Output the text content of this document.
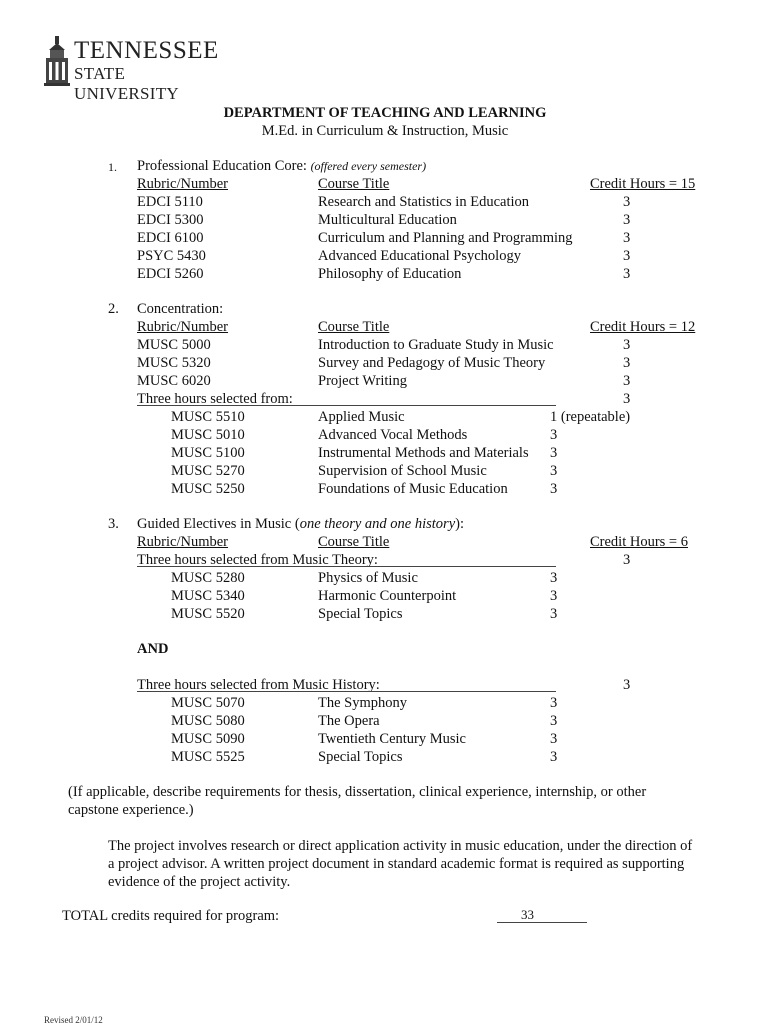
TENNESSEE
STATE UNIVERSITY
DEPARTMENT OF TEACHING AND LEARNING
M.Ed. in Curriculum & Instruction, Music
1. Professional Education Core: (offered every semester)
Rubric/Number	Course Title	Credit Hours = 15
EDCI 5110	Research and Statistics in Education	3
EDCI 5300	Multicultural Education	3
EDCI 6100	Curriculum and Planning and Programming	3
PSYC 5430	Advanced Educational Psychology	3
EDCI 5260	Philosophy of Education	3
2. Concentration:
Rubric/Number	Course Title	Credit Hours = 12
MUSC 5000	Introduction to Graduate Study in Music	3
MUSC 5320	Survey and Pedagogy of Music Theory	3
MUSC 6020	Project Writing	3
Three hours selected from:	3
MUSC 5510	Applied Music	1 (repeatable)
MUSC 5010	Advanced Vocal Methods	3
MUSC 5100	Instrumental Methods and Materials 3
MUSC 5270	Supervision of School Music	3
MUSC 5250	Foundations of Music Education	3
3. Guided Electives in Music (one theory and one history):
Rubric/Number	Course Title	Credit Hours = 6
Three hours selected from Music Theory:	3
MUSC 5280	Physics of Music	3
MUSC 5340	Harmonic Counterpoint	3
MUSC 5520	Special Topics	3
AND
Three hours selected from Music History:	3
MUSC 5070	The Symphony	3
MUSC 5080	The Opera	3
MUSC 5090	Twentieth Century Music	3
MUSC 5525	Special Topics	3
(If applicable, describe requirements for thesis, dissertation, clinical experience, internship, or other
capstone experience.)
The project involves research or direct application activity in music education, under the direction of
a project advisor. A written project document in standard academic format is required as supporting
evidence of the project activity.
TOTAL credits required for program:	33
Revised 2/01/12
